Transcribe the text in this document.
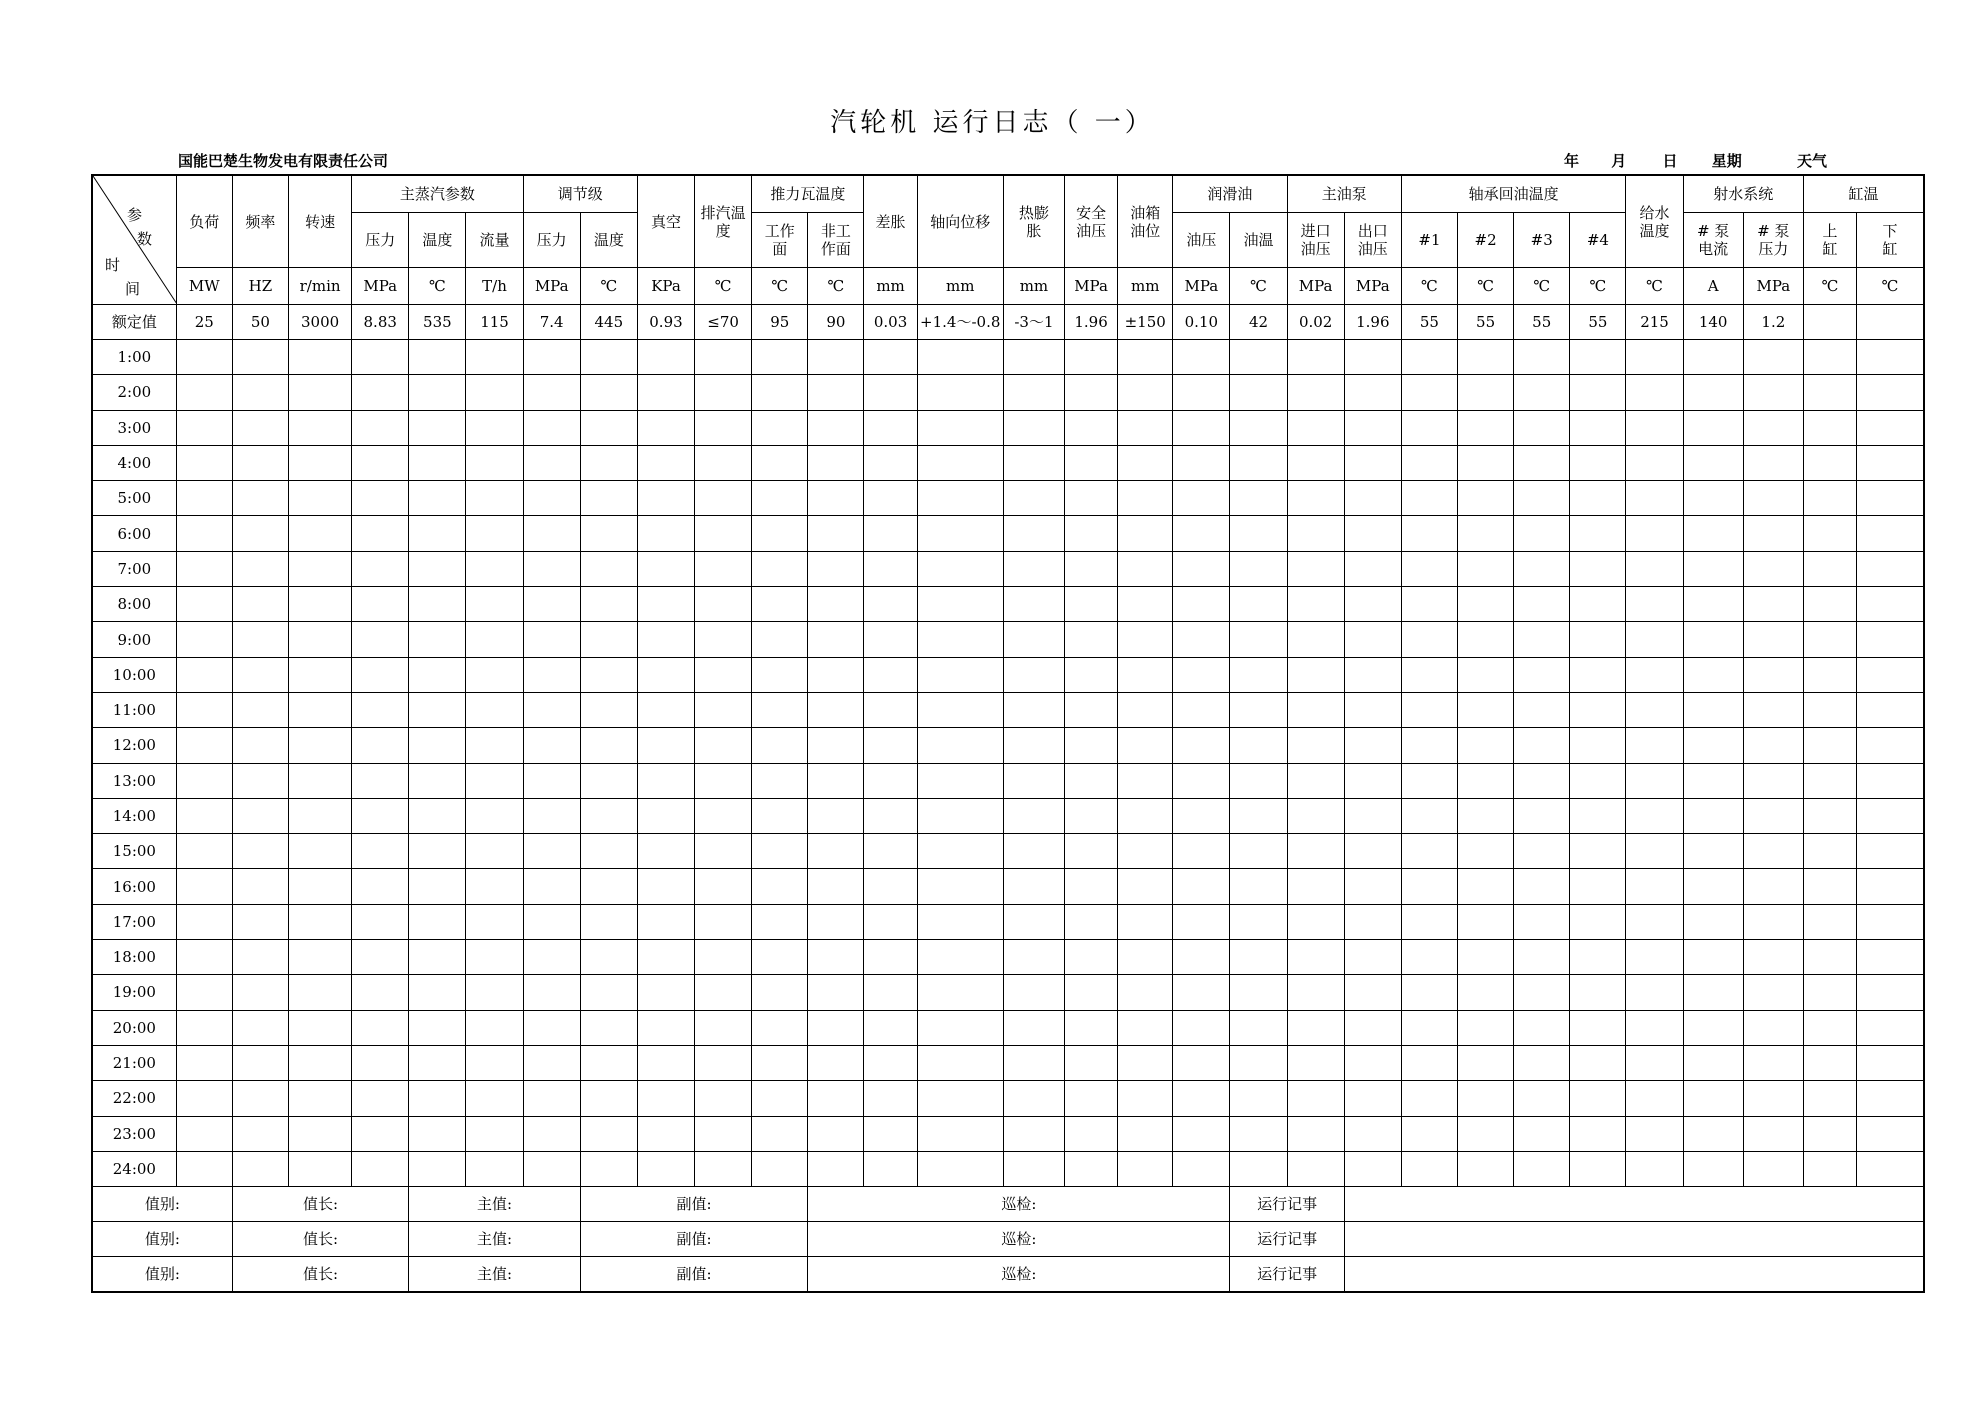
汽轮机 运行日志（ 一）
国能巴楚生物发电有限责任公司	年 月 日 星期	天气
参
数
时
间	负荷	频率	转速	主蒸汽参数			调节级		真空	排汽温度	推力瓦温度		差胀	轴向位移	热膨胀	安全油压	油箱油位	润滑油		主油泵		轴承回油温度				给水温度	射水系统		缸温	
				压力	温度	流量	压力	温度			工作面	非工作面						油压	油温	进口油压	出口油压	#1	#2	#3	#4		# 泵 电流	# 泵 压力	上缸	下缸
	MW	HZ	r/min	MPa	℃	T/h	MPa	℃	KPa	℃	℃	℃	mm	mm	mm	MPa	mm	MPa	℃	MPa	MPa	℃	℃	℃	℃	℃	A	MPa	℃	℃
额定值	25	50	3000	8.83	535	115	7.4	445	0.93	≤70	95	90	0.03	+1.4～-0.8	-3～1	1.96	±150	0.10	42	0.02	1.96	55	55	55	55	215	140	1.2		
1:00																														
2:00																														
3:00																														
4:00																														
5:00																														
6:00																														
7:00																														
8:00																														
9:00																														
10:00																														
11:00																														
12:00																														
13:00																														
14:00																														
15:00																														
16:00																														
17:00																														
18:00																														
19:00																														
20:00																														
21:00																														
22:00																														
23:00																														
24:00																														
值别:		值长:			主值:			副值:				巡检:							运行记事											
值别:		值长:			主值:			副值:				巡检:							运行记事											
值别:		值长:			主值:			副值:				巡检:							运行记事											
